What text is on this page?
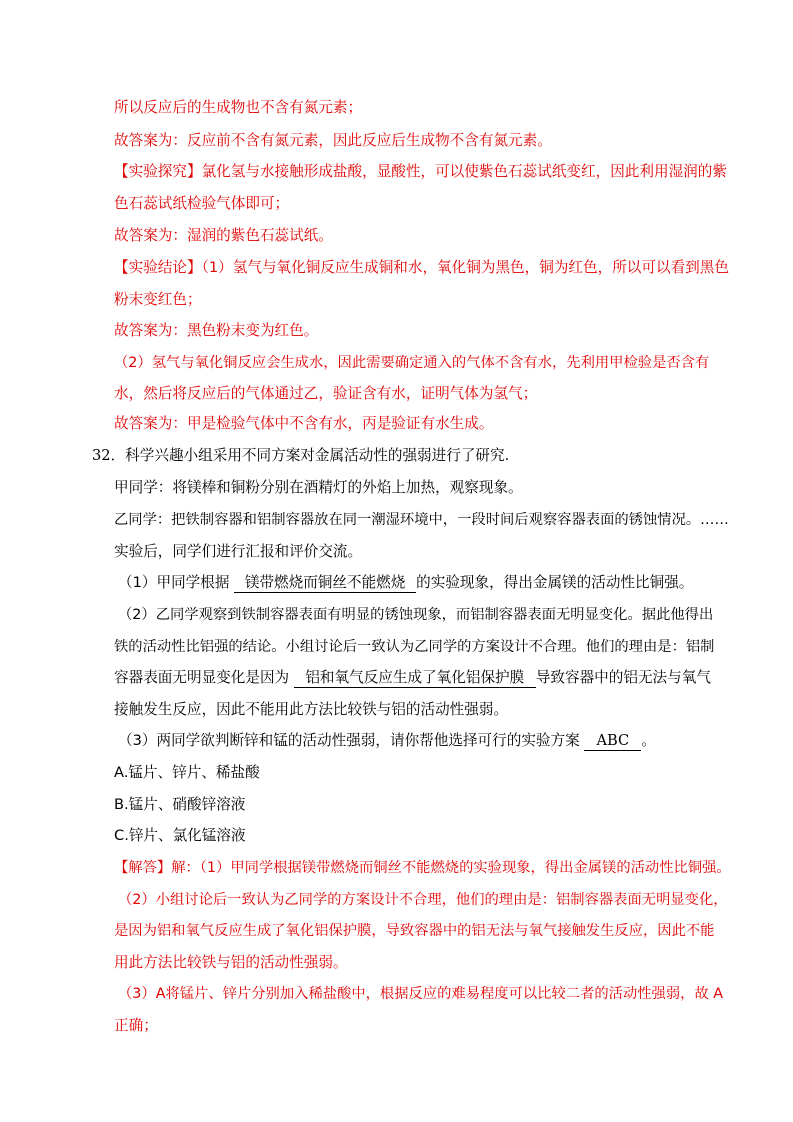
所以反应后的生成物也不含有氮元素；
故答案为：反应前不含有氮元素，因此反应后生成物不含有氮元素。
【实验探究】氯化氢与水接触形成盐酸，显酸性，可以使紫色石蕊试纸变红，因此利用湿润的紫
色石蕊试纸检验气体即可；
故答案为：湿润的紫色石蕊试纸。
【实验结论】（1）氢气与氧化铜反应生成铜和水，氧化铜为黑色，铜为红色，所以可以看到黑色
粉末变红色；
故答案为：黑色粉末变为红色。
（2）氢气与氧化铜反应会生成水，因此需要确定通入的气体不含有水，先利用甲检验是否含有
水，然后将反应后的气体通过乙，验证含有水，证明气体为氢气；
故答案为：甲是检验气体中不含有水，丙是验证有水生成。
32．科学兴趣小组采用不同方案对金属活动性的强弱进行了研究.
甲同学：将镁棒和铜粉分别在酒精灯的外焰上加热，观察现象。
乙同学：把铁制容器和铝制容器放在同一潮湿环境中，一段时间后观察容器表面的锈蚀情况。……
实验后，同学们进行汇报和评价交流。
（1）甲同学根据 镁带燃烧而铜丝不能燃烧 的实验现象，得出金属镁的活动性比铜强。
（2）乙同学观察到铁制容器表面有明显的锈蚀现象，而铝制容器表面无明显变化。据此他得出
铁的活动性比铝强的结论。小组讨论后一致认为乙同学的方案设计不合理。他们的理由是：铝制
容器表面无明显变化是因为 铝和氧气反应生成了氧化铝保护膜 导致容器中的铝无法与氧气
接触发生反应，因此不能用此方法比较铁与铝的活动性强弱。
（3）两同学欲判断锌和锰的活动性强弱，请你帮他选择可行的实验方案 ABC 。
A.锰片、锌片、稀盐酸
B.锰片、硝酸锌溶液
C.锌片、氯化锰溶液
【解答】解：（1）甲同学根据镁带燃烧而铜丝不能燃烧的实验现象，得出金属镁的活动性比铜强。
（2）小组讨论后一致认为乙同学的方案设计不合理，他们的理由是：铝制容器表面无明显变化，
是因为铝和氧气反应生成了氧化铝保护膜，导致容器中的铝无法与氧气接触发生反应，因此不能
用此方法比较铁与铝的活动性强弱。
（3）A将锰片、锌片分别加入稀盐酸中，根据反应的难易程度可以比较二者的活动性强弱，故 A
正确；
